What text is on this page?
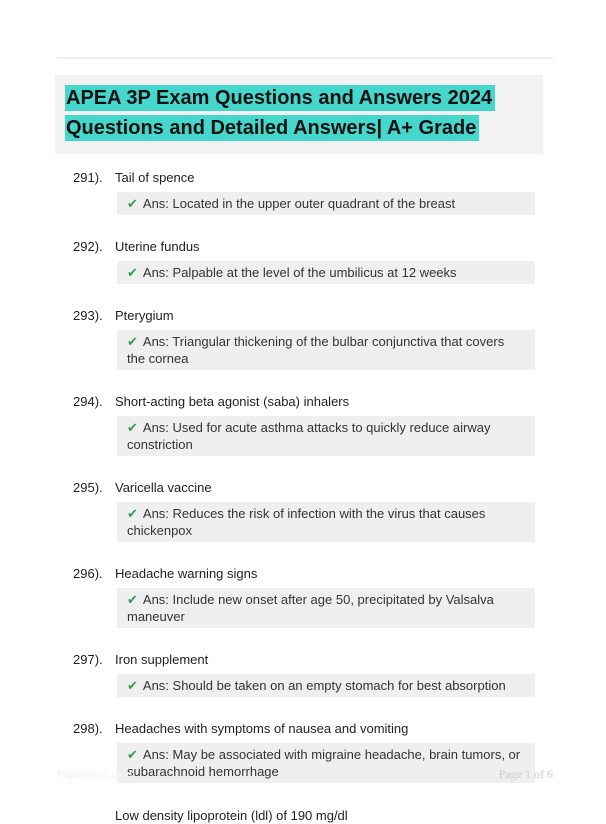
APEA 3P Exam Questions and Answers 2024
Questions and Detailed Answers| A+ Grade
291). Tail of spence
✔ Ans: Located in the upper outer quadrant of the breast
292). Uterine fundus
✔ Ans: Palpable at the level of the umbilicus at 12 weeks
293). Pterygium
✔ Ans: Triangular thickening of the bulbar conjunctiva that covers the cornea
294). Short-acting beta agonist (saba) inhalers
✔ Ans: Used for acute asthma attacks to quickly reduce airway constriction
295). Varicella vaccine
✔ Ans: Reduces the risk of infection with the virus that causes chickenpox
296). Headache warning signs
✔ Ans: Include new onset after age 50, precipitated by Valsalva maneuver
297). Iron supplement
✔ Ans: Should be taken on an empty stomach for best absorption
298). Headaches with symptoms of nausea and vomiting
✔ Ans: May be associated with migraine headache, brain tumors, or subarachnoid hemorrhage
Low density lipoprotein (ldl) of 190 mg/dl
PaperStoc.com	Page 1 of 6
